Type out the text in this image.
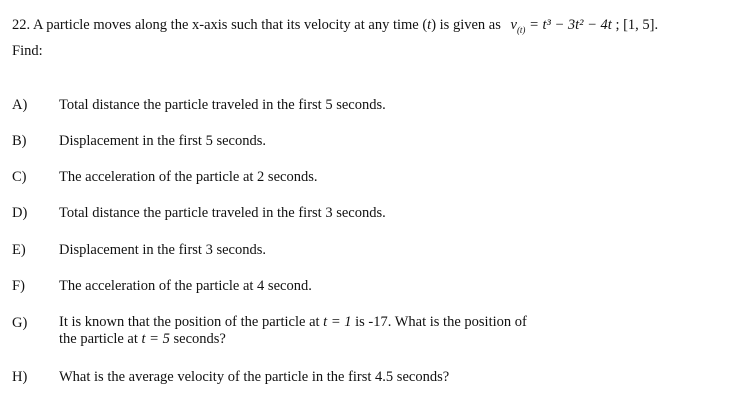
22. A particle moves along the x-axis such that its velocity at any time (t) is given as $v_{(t)} = t^3 - 3t^2 - 4t$ ; [1, 5].
Find:
A) Total distance the particle traveled in the first 5 seconds.
B) Displacement in the first 5 seconds.
C) The acceleration of the particle at 2 seconds.
D) Total distance the particle traveled in the first 3 seconds.
E) Displacement in the first 3 seconds.
F) The acceleration of the particle at 4 second.
G) It is known that the position of the particle at t = 1 is -17. What is the position of
the particle at t = 5 seconds?
H) What is the average velocity of the particle in the first 4.5 seconds?
